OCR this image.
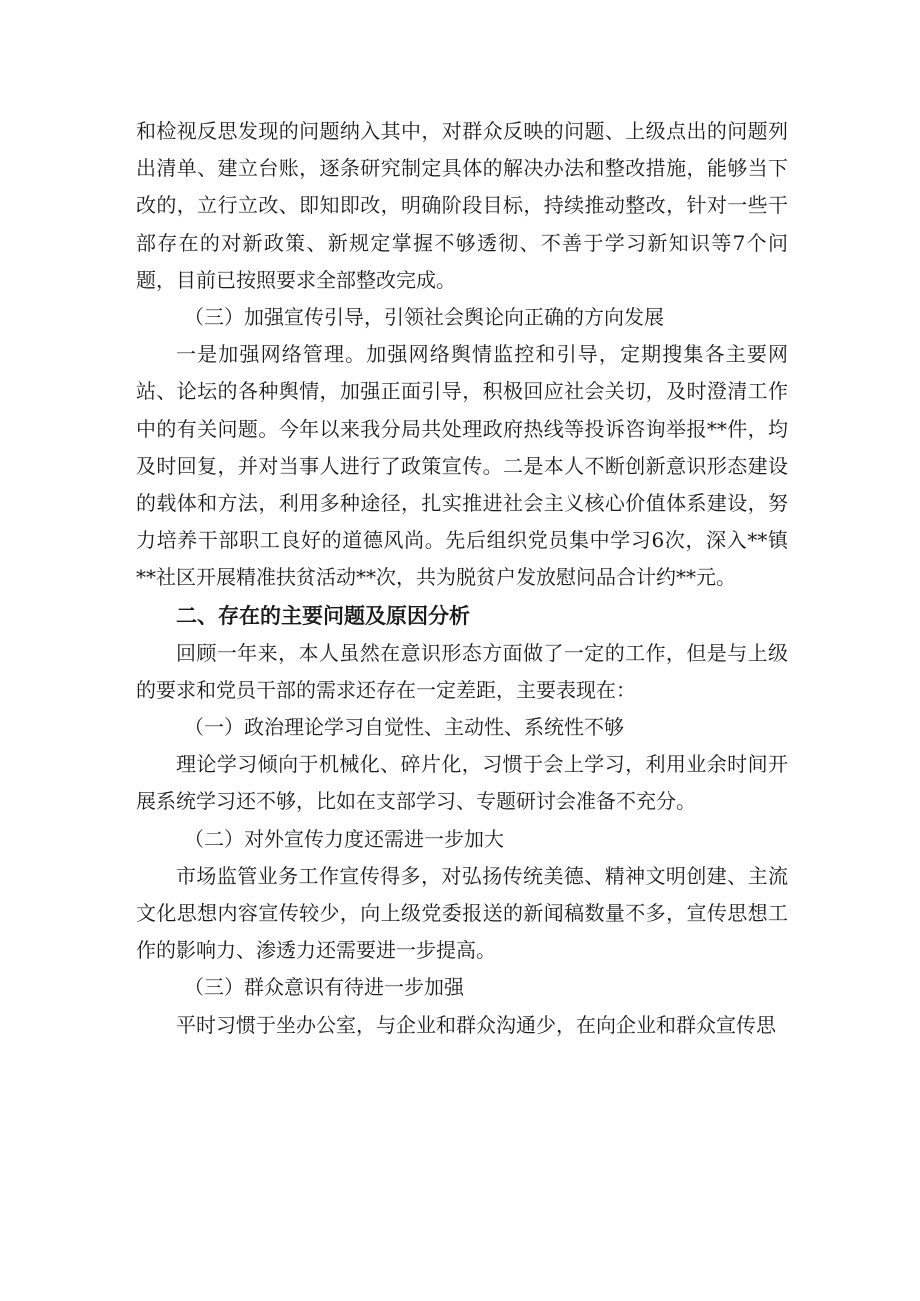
和检视反思发现的问题纳入其中，对群众反映的问题、上级点出的问题列出清单、建立台账，逐条研究制定具体的解决办法和整改措施，能够当下改的，立行立改、即知即改，明确阶段目标，持续推动整改，针对一些干部存在的对新政策、新规定掌握不够透彻、不善于学习新知识等7个问题，目前已按照要求全部整改完成。

（三）加强宣传引导，引领社会舆论向正确的方向发展

一是加强网络管理。加强网络舆情监控和引导，定期搜集各主要网站、论坛的各种舆情，加强正面引导，积极回应社会关切，及时澄清工作中的有关问题。今年以来我分局共处理政府热线等投诉咨询举报**件，均及时回复，并对当事人进行了政策宣传。二是本人不断创新意识形态建设的载体和方法，利用多种途径，扎实推进社会主义核心价值体系建设，努力培养干部职工良好的道德风尚。先后组织党员集中学习6次，深入**镇**社区开展精准扶贫活动**次，共为脱贫户发放慰问品合计约**元。

二、存在的主要问题及原因分析

回顾一年来，本人虽然在意识形态方面做了一定的工作，但是与上级的要求和党员干部的需求还存在一定差距，主要表现在：

（一）政治理论学习自觉性、主动性、系统性不够

理论学习倾向于机械化、碎片化，习惯于会上学习，利用业余时间开展系统学习还不够，比如在支部学习、专题研讨会准备不充分。

（二）对外宣传力度还需进一步加大

市场监管业务工作宣传得多，对弘扬传统美德、精神文明创建、主流文化思想内容宣传较少，向上级党委报送的新闻稿数量不多，宣传思想工作的影响力、渗透力还需要进一步提高。

（三）群众意识有待进一步加强

平时习惯于坐办公室，与企业和群众沟通少，在向企业和群众宣传思
